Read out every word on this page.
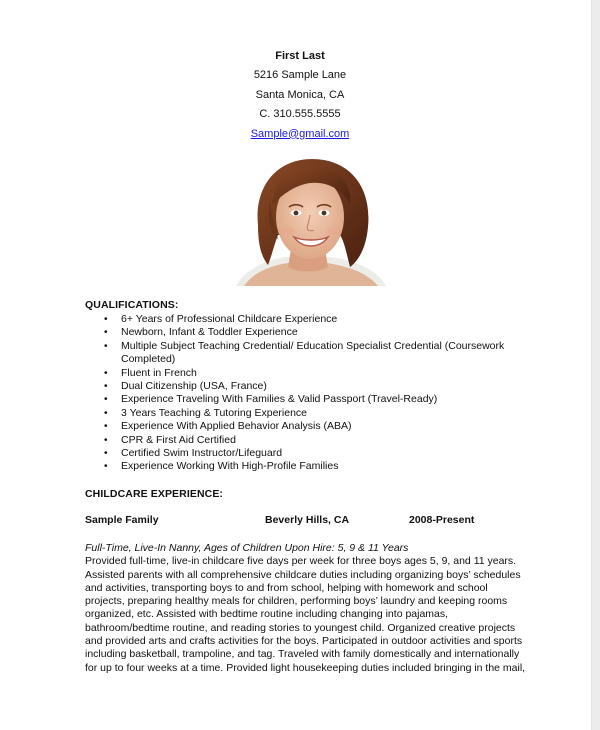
First Last
5216 Sample Lane
Santa Monica, CA
C. 310.555.5555
Sample@gmail.com
QUALIFICATIONS:
• 6+ Years of Professional Childcare Experience
• Newborn, Infant & Toddler Experience
• Multiple Subject Teaching Credential/ Education Specialist Credential (Coursework
Completed)
• Fluent in French
• Dual Citizenship (USA, France)
• Experience Traveling With Families & Valid Passport (Travel-Ready)
• 3 Years Teaching & Tutoring Experience
• Experience With Applied Behavior Analysis (ABA)
• CPR & First Aid Certified
• Certified Swim Instructor/Lifeguard
• Experience Working With High-Profile Families
CHILDCARE EXPERIENCE:
Sample Family	Beverly Hills, CA	2008-Present
Full-Time, Live-In Nanny, Ages of Children Upon Hire: 5, 9 & 11 Years
Provided full-time, live-in childcare five days per week for three boys ages 5, 9, and 11 years.
Assisted parents with all comprehensive childcare duties including organizing boys’ schedules
and activities, transporting boys to and from school, helping with homework and school
projects, preparing healthy meals for children, performing boys’ laundry and keeping rooms
organized, etc. Assisted with bedtime routine including changing into pajamas,
bathroom/bedtime routine, and reading stories to youngest child. Organized creative projects
and provided arts and crafts activities for the boys. Participated in outdoor activities and sports
including basketball, trampoline, and tag. Traveled with family domestically and internationally
for up to four weeks at a time. Provided light housekeeping duties included bringing in the mail,
